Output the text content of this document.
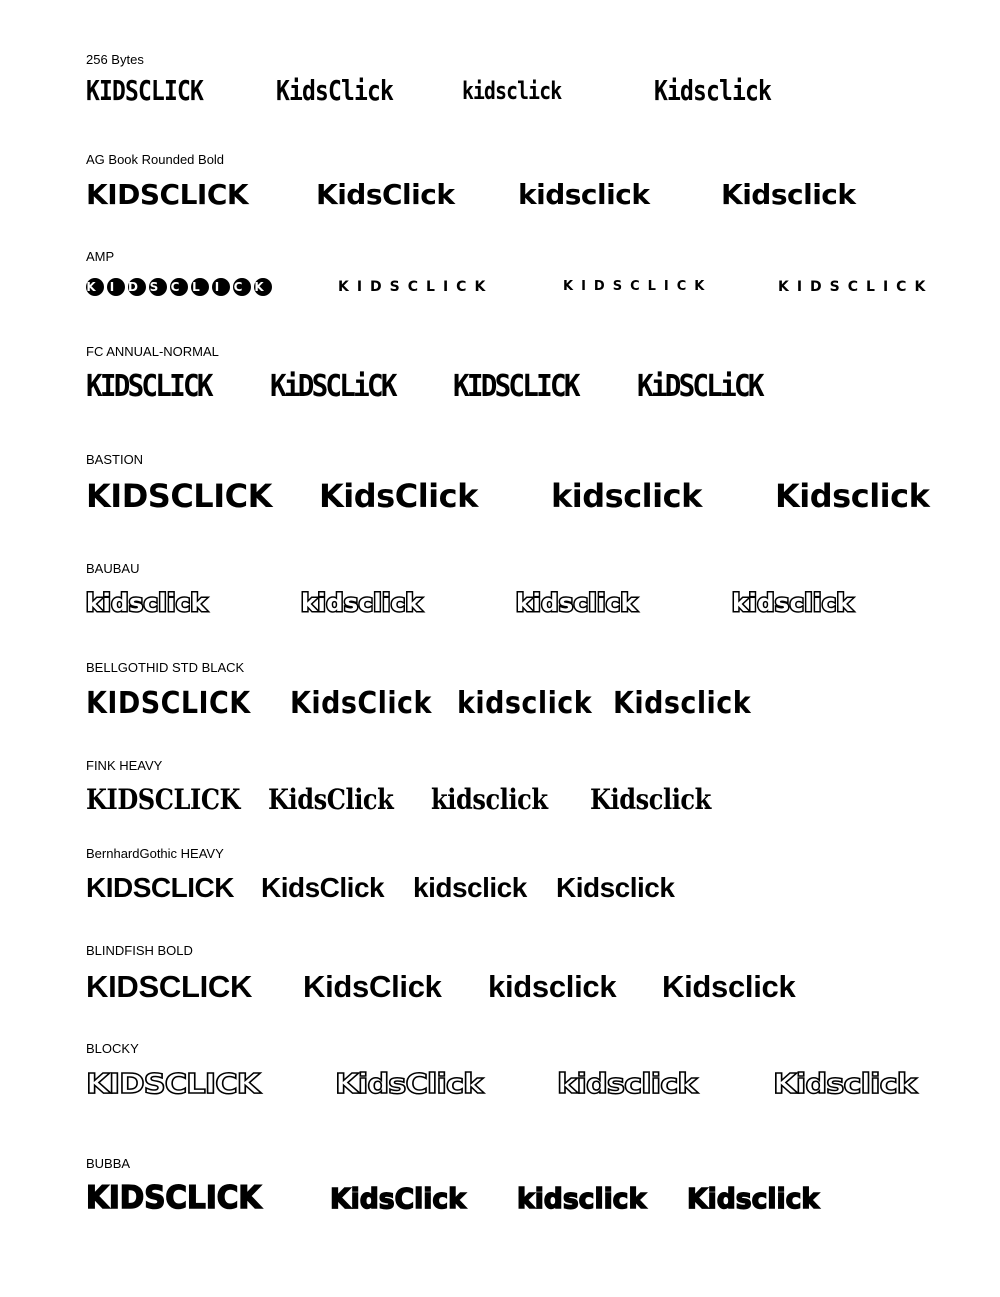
256 Bytes
KIDSCLICK	KidsClick	kidsclick	Kidsclick
AG Book Rounded Bold
KIDSCLICK KidsClick kidsclick	Kidsclick
AMP
K I D S C L I C K	KIDSCLICK	KIDSCLICK	KIDSCLICK
FC ANNUAL-NORMAL
KIDSCLICK KiDSCLiCK KIDSCLICK KiDSCLiCK
BASTION
KIDSCLICK KidsClick kidsclick Kidsclick
BAUBAU
kidsclick	kidsclick	kidsclick	kidsclick
BELLGOTHID STD BLACK
KIDSCLICK KidsClick kidsclick Kidsclick
FINK HEAVY
KIDSCLICK KidsClick kidsclick Kidsclick
BernhardGothic HEAVY
KIDSCLICK KidsClick kidsclick Kidsclick
BLINDFISH BOLD
KIDSCLICK KidsClick kidsclick Kidsclick
BLOCKY
KIDSCLICK	KidsClick	kidsclick	Kidsclick
BUBBA
KIDSCLICK KidsClick kidsclick Kidsclick
